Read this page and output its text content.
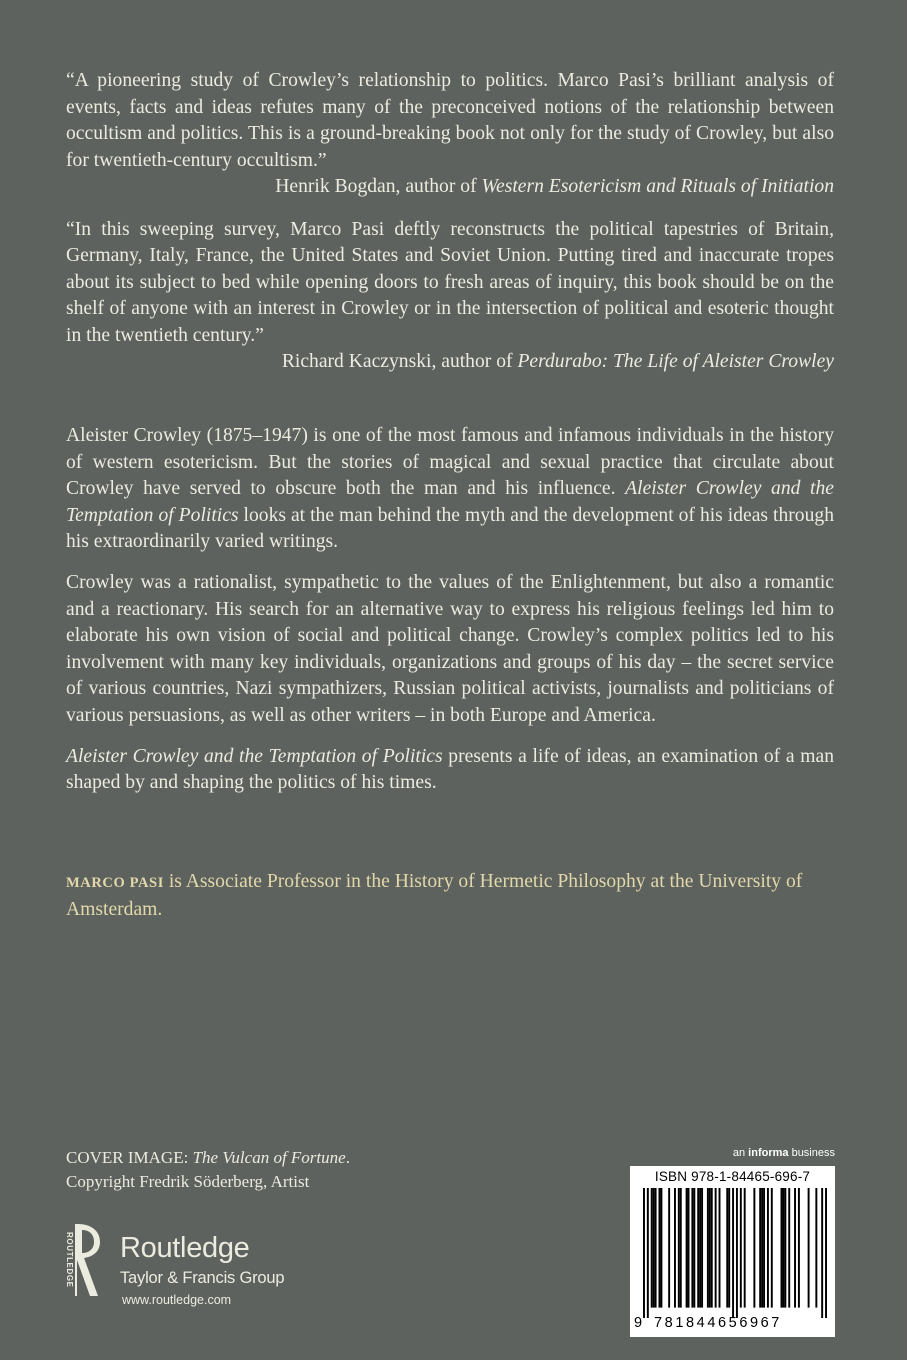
“A pioneering study of Crowley’s relationship to politics. Marco Pasi’s brilliant analysis of events, facts and ideas refutes many of the preconceived notions of the relationship between occultism and politics. This is a ground-breaking book not only for the study of Crowley, but also for twentieth-century occultism.”

Henrik Bogdan, author of Western Esotericism and Rituals of Initiation

“In this sweeping survey, Marco Pasi deftly reconstructs the political tapestries of Britain, Germany, Italy, France, the United States and Soviet Union. Putting tired and inaccurate tropes about its subject to bed while opening doors to fresh areas of inquiry, this book should be on the shelf of anyone with an interest in Crowley or in the intersection of political and esoteric thought in the twentieth century.”

Richard Kaczynski, author of Perdurabo: The Life of Aleister Crowley

Aleister Crowley (1875–1947) is one of the most famous and infamous individuals in the history of western esotericism. But the stories of magical and sexual practice that circulate about Crowley have served to obscure both the man and his influence. Aleister Crowley and the Temptation of Politics looks at the man behind the myth and the development of his ideas through his extraordinarily varied writings.

Crowley was a rationalist, sympathetic to the values of the Enlightenment, but also a romantic and a reactionary. His search for an alternative way to express his religious feelings led him to elaborate his own vision of social and political change. Crowley’s complex politics led to his involvement with many key individuals, organizations and groups of his day – the secret service of various countries, Nazi sympathizers, Russian political activists, journalists and politicians of various persuasions, as well as other writers – in both Europe and America.

Aleister Crowley and the Temptation of Politics presents a life of ideas, an examination of a man shaped by and shaping the politics of his times.

MARCO PASI is Associate Professor in the History of Hermetic Philosophy at the University of Amsterdam.

COVER IMAGE: The Vulcan of Fortune.
Copyright Fredrik Söderberg, Artist

ROUTLEDGE Routledge

Taylor & Francis Group

www.routledge.com

an informa business

ISBN 978-1-84465-696-7

9 781844656967
